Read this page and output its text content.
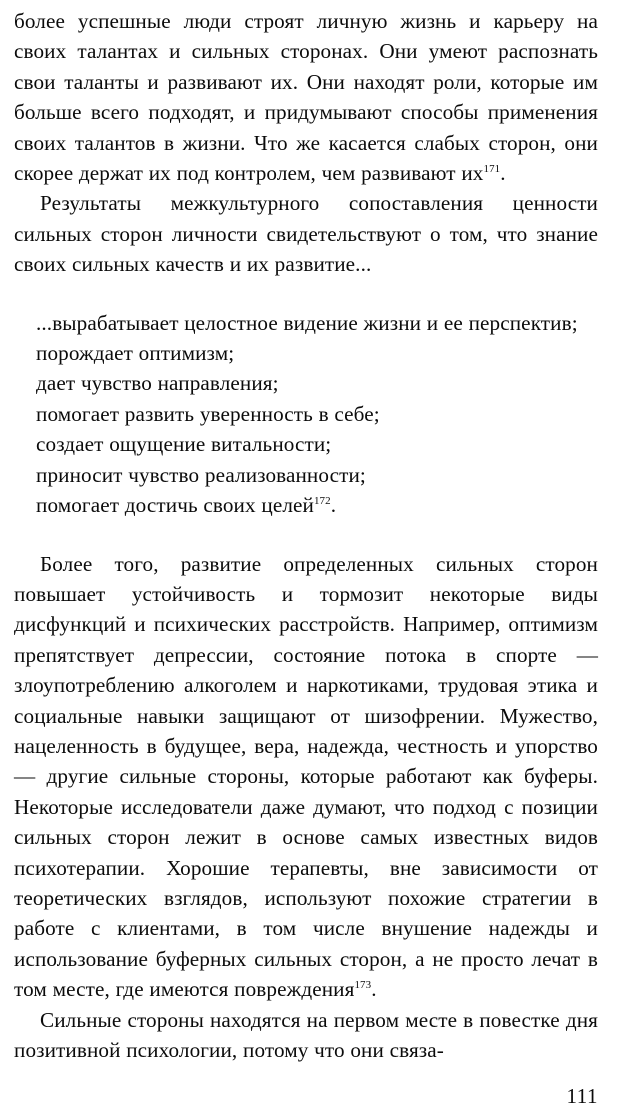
более успешные люди строят личную жизнь и карьеру на своих талантах и сильных сторонах. Они умеют распознать свои таланты и развивают их. Они находят роли, которые им больше всего подходят, и придумывают способы применения своих талантов в жизни. Что же касается слабых сторон, они скорее держат их под контролем, чем развивают $их^{171}$.

Результаты межкультурного сопоставления ценности сильных сторон личности свидетельствуют о том, что знание своих сильных качеств и их развитие...

...вырабатывает целостное видение жизни и ее перспектив;

порождает оптимизм;

дает чувство направления;

помогает развить уверенность в себе;

создает ощущение витальности;

приносит чувство реализованности;

помогает достичь своих целей$^{172}$.

Более того, развитие определенных сильных сторон повышает устойчивость и тормозит некоторые виды дисфункций и психических расстройств. Например, оптимизм препятствует депрессии, состояние потока в спорте — злоупотреблению алкоголем и наркотиками, трудовая этика и социальные навыки защищают от шизофрении. Мужество, нацеленность в будущее, вера, надежда, честность и упорство — другие сильные стороны, которые работают как буферы. Некоторые исследователи даже думают, что подход с позиции сильных сторон лежит в основе самых известных видов психотерапии. Хорошие терапевты, вне зависимости от теоретических взглядов, используют похожие стратегии в работе с клиентами, в том числе внушение надежды и использование буферных сильных сторон, а не просто лечат в том месте, где имеются повреждения$^{173}$.

Сильные стороны находятся на первом месте в повестке дня позитивной психологии, потому что они связа-

111
